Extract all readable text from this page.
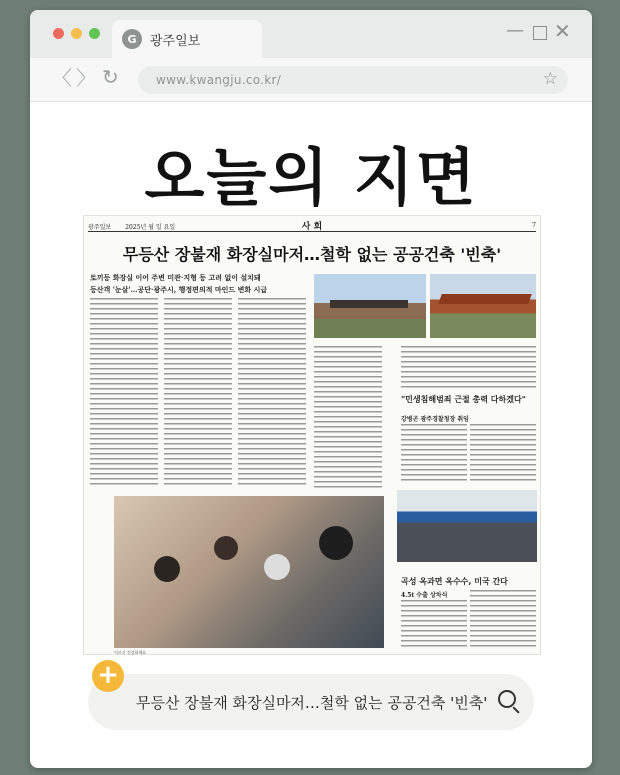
G	광주일보	— ✕
〈 〉 ↻	www.kwangju.co.kr/	☆
오늘의 지면
광주일보 2025년 월 일 요일	사 회	7
무등산 장불재 화장실마저…철학 없는 공공건축 '빈축'
토끼등 화장실 이어 주변 미관·지형 등 고려 없이 설치돼
등산객 '눈살'…공단·광주시, 행정편의적 마인드 변화 시급
"민생침해범죄 근절 총력 다하겠다"
강병곤 광주경찰청장 취임
어르신 건강하세요
곡성 옥과면 옥수수, 미국 간다
4.5t 수출 상차식
무등산 장불재 화장실마저…철학 없는 공공건축 '빈축'
+
